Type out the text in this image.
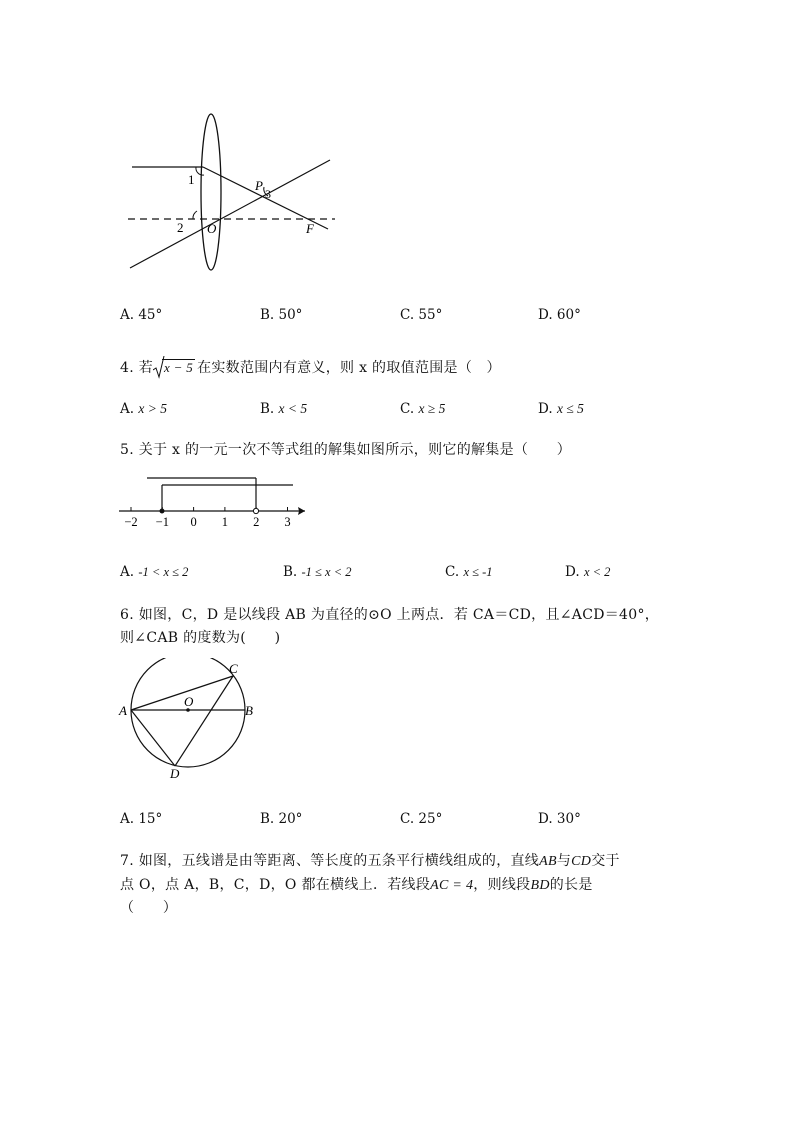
1	P
3
2 O	F
A. 45°	B. 50°	C. 55°	D. 60°
4. 若 x − 5 在实数范围内有意义，则 x 的取值范围是（　）
A. x > 5	B. x < 5	C. x ≥ 5	D. x ≤ 5
5. 关于 x 的一元一次不等式组的解集如图所示，则它的解集是（　　）
−2 −1 0 1 2 3
A. -1 < x ≤ 2	B. -1 ≤ x < 2	C. x ≤ -1	D. x < 2
6. 如图，C，D 是以线段 AB 为直径的⊙O 上两点．若 CA＝CD，且∠ACD＝40°，
则∠CAB 的度数为(　　)
A	B
C
D
O
A. 15°	B. 20°	C. 25°	D. 30°
7. 如图，五线谱是由等距离、等长度的五条平行横线组成的，直线AB与CD交于
点 O，点 A，B，C，D，O 都在横线上．若线段AC = 4，则线段BD的长是
（　　）
